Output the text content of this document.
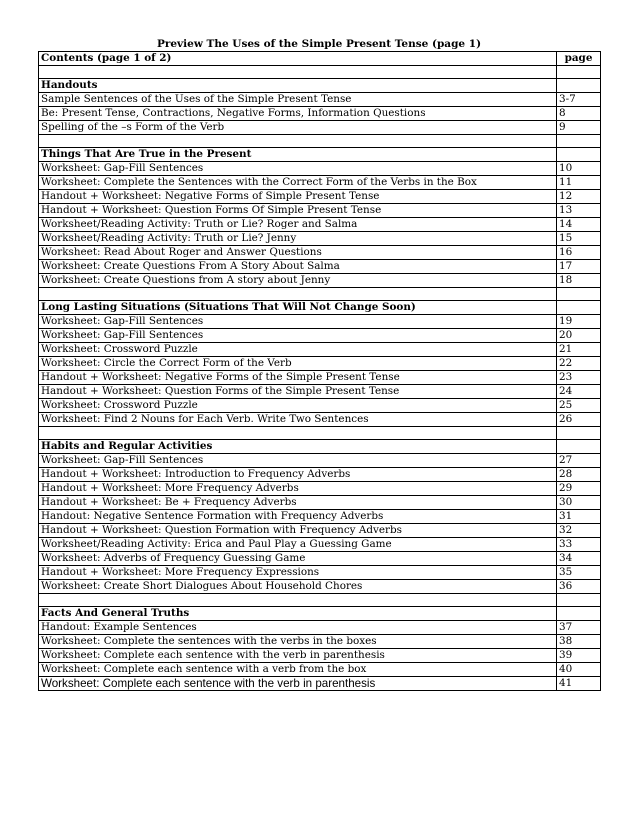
Preview The Uses of the Simple Present Tense (page 1)
Contents (page 1 of 2)	page

Handouts	
Sample Sentences of the Uses of the Simple Present Tense	3-7
Be: Present Tense, Contractions, Negative Forms, Information Questions	8
Spelling of the –s Form of the Verb	9

Things That Are True in the Present	
Worksheet: Gap-Fill Sentences	10
Worksheet: Complete the Sentences with the Correct Form of the Verbs in the Box	11
Handout + Worksheet: Negative Forms of Simple Present Tense	12
Handout + Worksheet: Question Forms Of Simple Present Tense	13
Worksheet/Reading Activity: Truth or Lie? Roger and Salma	14
Worksheet/Reading Activity: Truth or Lie? Jenny	15
Worksheet: Read About Roger and Answer Questions	16
Worksheet: Create Questions From A Story About Salma	17
Worksheet: Create Questions from A story about Jenny	18

Long Lasting Situations (Situations That Will Not Change Soon)	
Worksheet: Gap-Fill Sentences	19
Worksheet: Gap-Fill Sentences	20
Worksheet: Crossword Puzzle	21
Worksheet: Circle the Correct Form of the Verb	22
Handout + Worksheet: Negative Forms of the Simple Present Tense	23
Handout + Worksheet: Question Forms of the Simple Present Tense	24
Worksheet: Crossword Puzzle	25
Worksheet: Find 2 Nouns for Each Verb. Write Two Sentences	26

Habits and Regular Activities	
Worksheet: Gap-Fill Sentences	27
Handout + Worksheet: Introduction to Frequency Adverbs	28
Handout + Worksheet: More Frequency Adverbs	29
Handout + Worksheet: Be + Frequency Adverbs	30
Handout: Negative Sentence Formation with Frequency Adverbs	31
Handout + Worksheet: Question Formation with Frequency Adverbs	32
Worksheet/Reading Activity: Erica and Paul Play a Guessing Game	33
Worksheet: Adverbs of Frequency Guessing Game	34
Handout + Worksheet: More Frequency Expressions	35
Worksheet: Create Short Dialogues About Household Chores	36

Facts And General Truths	
Handout: Example Sentences	37
Worksheet: Complete the sentences with the verbs in the boxes	38
Worksheet: Complete each sentence with the verb in parenthesis	39
Worksheet: Complete each sentence with a verb from the box	40
Worksheet: Complete each sentence with the verb in parenthesis	41
